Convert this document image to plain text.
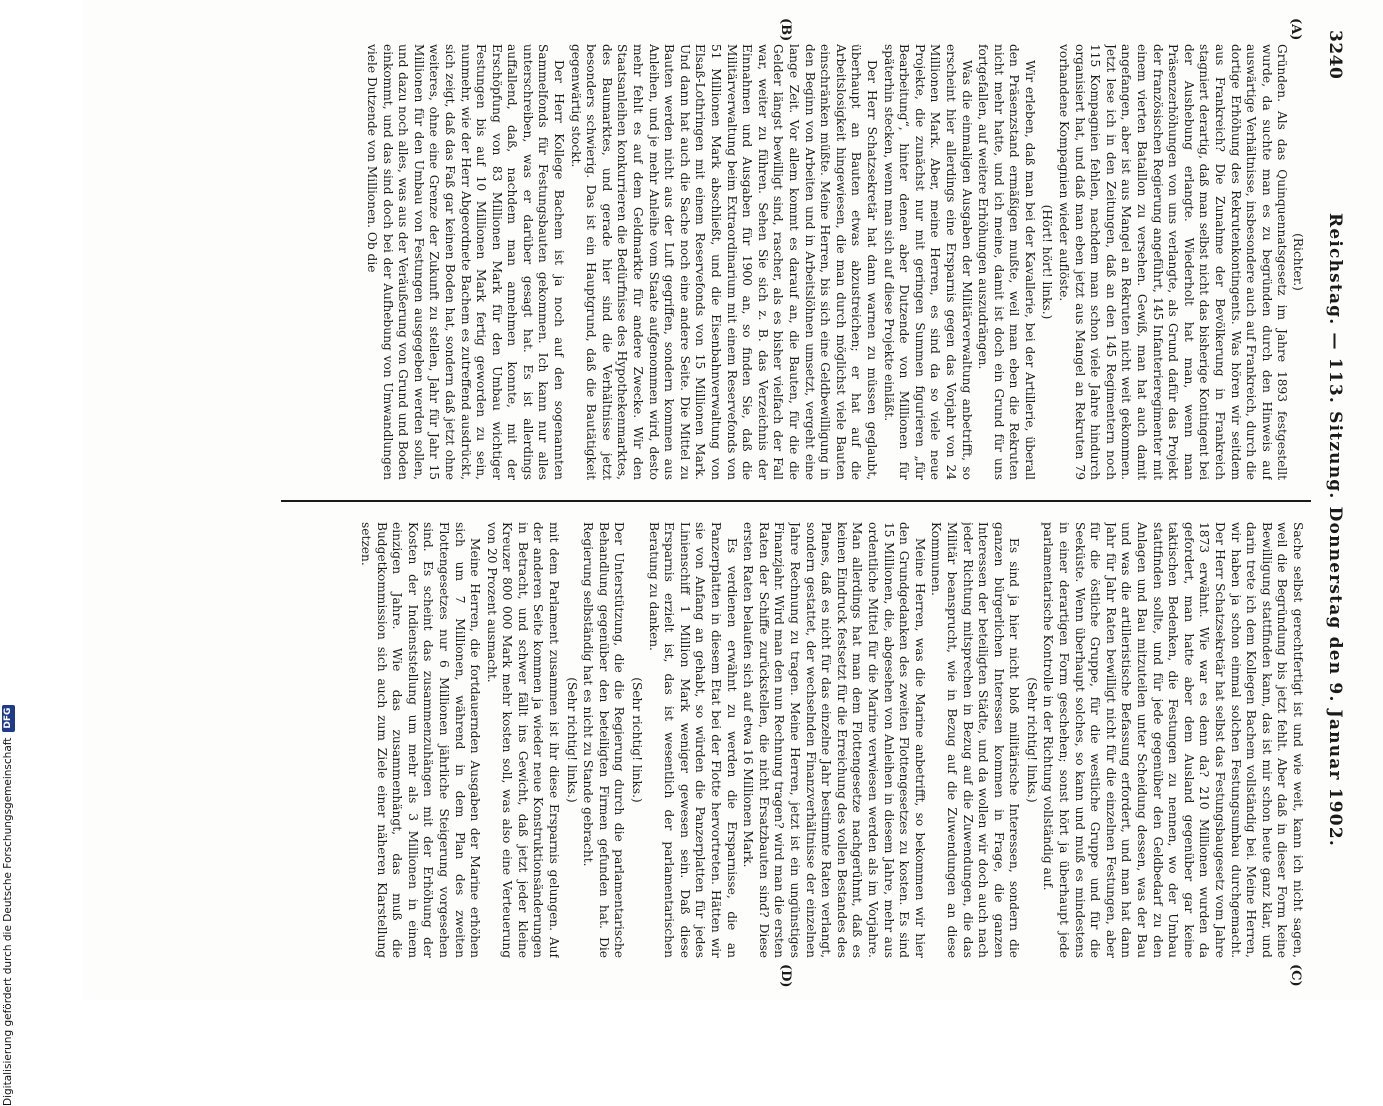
3240
Reichstag. — 113. Sitzung. Donnerstag den 9. Januar 1902.
(A)
(B)
(C)
(D)
(Richter.)

Gründen. Als das Quinquennatsgesetz im Jahre 1893 festgestellt wurde, da suchte man es zu begründen durch den Hinweis auf auswärtige Verhältnisse, insbesondere auch auf Frankreich, durch die dortige Erhöhung des Rekrutenkontingents. Was hören wir seitdem aus Frankreich? Die Zunahme der Bevölkerung in Frankreich stagniert derartig, daß man selbst nicht das bisherige Kontingent bei der Aushebung erlangte. Wiederholt hat man, wenn man Präsenzerhöhungen von uns verlangte, als Grund dafür das Projekt der französischen Regierung angeführt, 145 Infanterieregimenter mit einem vierten Bataillon zu versehen. Gewiß, man hat auch damit angefangen, aber ist aus Mangel an Rekruten nicht weit gekommen. Jetzt lese ich in den Zeitungen, daß an den 145 Regimentern noch 115 Kompagnien fehlen, nachdem man schon viele Jahre hindurch organisiert hat, und daß man eben jetzt aus Mangel an Rekruten 79 vorhandene Kompagnien wieder auflöste.

(Hört! hört! links.)

Wir erleben, daß man bei der Kavallerie, bei der Artillerie, überall den Präsenzstand ermäßigen mußte, weil man eben die Rekruten nicht mehr hatte, und ich meine, damit ist doch ein Grund für uns fortgefallen, auf weitere Erhöhungen auszudrängen.

Was die einmaligen Ausgaben der Militärverwaltung anbetrifft, so erscheint hier allerdings eine Ersparnis gegen das Vorjahr von 24 Millionen Mark. Aber, meine Herren, es sind da so viele neue Projekte, die zunächst nur mit geringen Summen figurieren „für Bearbeitung“, hinter denen aber Dutzende von Millionen für späterhin stecken, wenn man sich auf diese Projekte einläßt.

Der Herr Schatzsekretär hat dann warnen zu müssen geglaubt, überhaupt an Bauten etwas abzustreichen; er hat auf die Arbeitslosigkeit hingewiesen, die man durch möglichst viele Bauten einschränken müßte. Meine Herren, bis sich eine Geldbewilligung in den Beginn von Arbeiten und in Arbeitslöhnen umsetzt, vergeht eine lange Zeit. Vor allem kommt es darauf an, die Bauten, für die die Gelder längst bewilligt sind, rascher, als es bisher vielfach der Fall war, weiter zu führen. Sehen Sie sich z. B. das Verzeichnis der Einnahmen und Ausgaben für 1900 an, so finden Sie, daß die Militärverwaltung beim Extraordinarium mit einem Reservefonds von 51 Millionen Mark abschließt, und die Eisenbahnverwaltung von Elsaß-Lothringen mit einem Reservefonds von 15 Millionen Mark. Und dann hat auch die Sache noch eine andere Seite. Die Mittel zu Bauten werden nicht aus der Luft gegriffen, sondern kommen aus Anleihen, und je mehr Anleihe vom Staate aufgenommen wird, desto mehr fehlt es auf dem Geldmarkte für andere Zwecke. Wir den Staatsanleihen konkurrieren die Bedürfnisse des Hypothekenmarktes, des Baumarktes, und gerade hier sind die Verhältnisse jetzt besonders schwierig. Das ist ein Hauptgrund, daß die Bautätigkeit gegenwärtig stockt.

Der Herr Kollege Bachem ist ja noch auf den sogenannten Sammelfonds für Festungsbauten gekommen. Ich kann nur alles unterschreiben, was er darüber gesagt hat. Es ist allerdings auffallend, daß, nachdem man annehmen konnte, mit der Erschöpfung von 83 Millionen Mark für den Umbau wichtiger Festungen bis auf 10 Millionen Mark fertig geworden zu sein, nunmehr, wie der Herr Abgeordnete Bachem es zutreffend ausdrückt, sich zeigt, daß das Faß gar keinen Boden hat, sondern daß jetzt ohne weiteres, ohne eine Grenze der Zukunft zu stellen, Jahr für Jahr 15 Millionen für den Umbau von Festungen ausgegeben werden sollen, und dazu noch alles, was aus der Veräußerung von Grund und Boden einkommt, und das sind doch bei der Aufhebung von Umwandlungen viele Dutzende von Millionen. Ob die

Sache selbst gerechtfertigt ist und wie weit, kann ich nicht sagen, weil die Begründung bis jetzt fehlt. Aber daß in dieser Form keine Bewilligung stattfinden kann, das ist mir schon heute ganz klar, und darin trete ich dem Kollegen Bachem vollständig bei. Meine Herren, wir haben ja schon einmal solchen Festungsumbau durchgemacht. Der Herr Schatzsekretär hat selbst das Festungsbaugesetz vom Jahre 1873 erwähnt. Wie war es denn da? 210 Millionen wurden da gefordert, man hatte aber dem Ausland gegenüber gar keine taktischen Bedenken, die Festungen zu nennen, wo der Umbau stattfinden sollte, und für jede gegenüber den Geldbedarf zu den Anlagen und Bau mitzuteilen unter Scheidung dessen, was der Bau und was die artilleristische Befassung erfordert, und man hat dann Jahr für Jahr Raten bewilligt nicht für die einzelnen Festungen, aber für die östliche Gruppe, für die westliche Gruppe und für die Seeküste. Wenn überhaupt solches, so kann und muß es mindestens in einer derartigen Form geschehen; sonst hört ja überhaupt jede parlamentarische Kontrolle in der Richtung vollständig auf.

(Sehr richtig! links.)

Es sind ja hier nicht bloß militärische Interessen, sondern die ganzen bürgerlichen Interessen kommen in Frage, die ganzen Interessen der beteiligten Städte, und da wollen wir doch auch nach jeder Richtung mitsprechen in Bezug auf die Zuwendungen, die das Militär beansprucht, wie in Bezug auf die Zuwendungen an diese Kommunen.

Meine Herren, was die Marine anbetrifft, so bekommen wir hier den Grundgedanken des zweiten Flottengesetzes zu kosten. Es sind 15 Millionen, die, abgesehen von Anleihen in diesem Jahre, mehr aus ordentliche Mittel für die Marine verwiesen werden als im Vorjahre. Man allerdings hat man dem Flottengesetze nachgerühmt, daß es keinen Eindruck festsetzt für die Erreichung des vollen Bestandes des Planes, daß es nicht für das einzelne Jahr bestimmte Raten verlangt, sondern gestattet, der wechselnden Finanzverhältnisse der einzelnen Jahre Rechnung zu tragen. Meine Herren, jetzt ist ein ungünstiges Finanzjahr. Wird man den nun Rechnung tragen? wird man die ersten Raten der Schiffe zurückstellen, die nicht Ersatzbauten sind? Diese ersten Raten belaufen sich auf etwa 16 Millionen Mark.

Es verdienen erwähnt zu werden die Ersparnisse, die an Panzerplatten in diesem Etat bei der Flotte hervortreten. Hätten wir sie von Anfang an gehabt, so würden die Panzerplatten für jedes Linienschiff 1 Million Mark weniger gewesen sein. Daß diese Ersparnis erzielt ist, das ist wesentlich der parlamentarischen Beratung zu danken.

(Sehr richtig! links.)

Der Unterstützung, die die Regierung durch die parlamentarische Behandlung gegenüber den beteiligten Firmen gefunden hat. Die Regierung selbständig hat es nicht zu Stande gebracht.

(Sehr richtig! links.)

mit dem Parlament zusammen ist ihr diese Ersparnis gelungen. Auf der anderen Seite kommen ja wieder neue Konstruktionsänderungen in Betracht, und schwer fällt ins Gewicht, daß jetzt jeder kleine Kreuzer 800 000 Mark mehr kosten soll, was also eine Verteuerung von 20 Prozent ausmacht.

Meine Herren, die fortdauernden Ausgaben der Marine erhöhen sich um 7 Millionen, während in dem Plan des zweiten Flottengesetzes nur 6 Millionen jährliche Steigerung vorgesehen sind. Es scheint das zusammenzuhängen mit der Erhöhung der Kosten der Indienststellung um mehr als 3 Millionen in einem einzigen Jahre. Wie das zusammenhängt, das muß die Budgetkommission sich auch zum Ziele einer näheren Klarstellung setzen.

Digitalisierung gefördert durch die Deutsche Forschungsgemeinschaft
DFG
